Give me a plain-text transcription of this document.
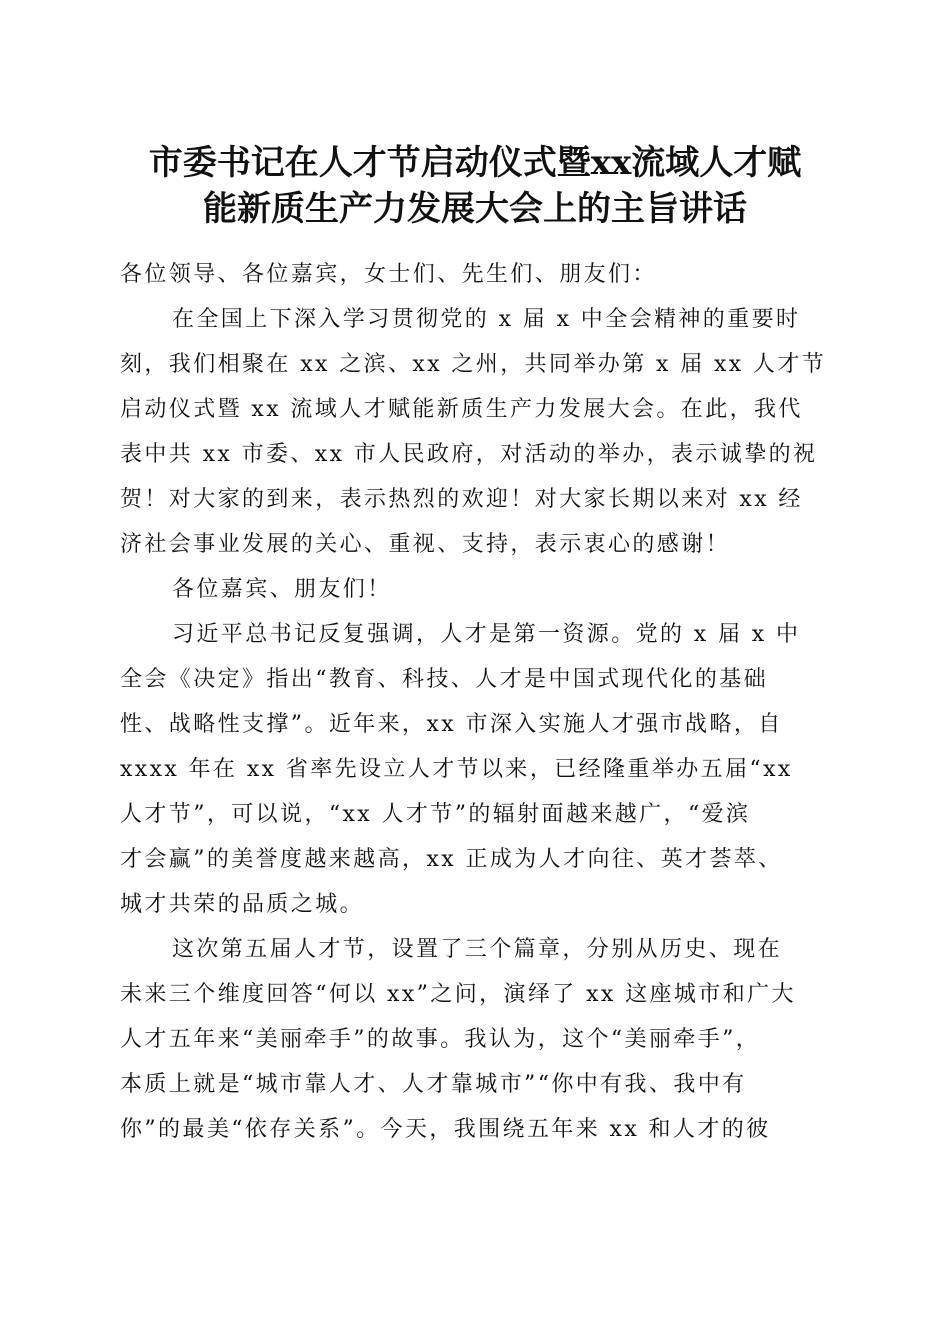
市委书记在人才节启动仪式暨xx流域人才赋
能新质生产力发展大会上的主旨讲话
各位领导、各位嘉宾，女士们、先生们、朋友们：
在全国上下深入学习贯彻党的 x 届 x 中全会精神的重要时
刻，我们相聚在 xx 之滨、xx 之州，共同举办第 x 届 xx 人才节
启动仪式暨 xx 流域人才赋能新质生产力发展大会。在此，我代
表中共 xx 市委、xx 市人民政府，对活动的举办，表示诚挚的祝
贺！对大家的到来，表示热烈的欢迎！对大家长期以来对 xx 经
济社会事业发展的关心、重视、支持，表示衷心的感谢！
各位嘉宾、朋友们！
习近平总书记反复强调，人才是第一资源。党的 x 届 x 中
全会《决定》指出“教育、科技、人才是中国式现代化的基础
性、战略性支撑”。近年来，xx 市深入实施人才强市战略，自
xxxx 年在 xx 省率先设立人才节以来，已经隆重举办五届“xx
人才节”，可以说，“xx 人才节”的辐射面越来越广，“爱滨
才会赢”的美誉度越来越高，xx 正成为人才向往、英才荟萃、
城才共荣的品质之城。
这次第五届人才节，设置了三个篇章，分别从历史、现在
未来三个维度回答“何以 xx”之问，演绎了 xx 这座城市和广大
人才五年来“美丽牵手”的故事。我认为，这个“美丽牵手”，
本质上就是“城市靠人才、人才靠城市”“你中有我、我中有
你”的最美“依存关系”。今天，我围绕五年来 xx 和人才的彼
